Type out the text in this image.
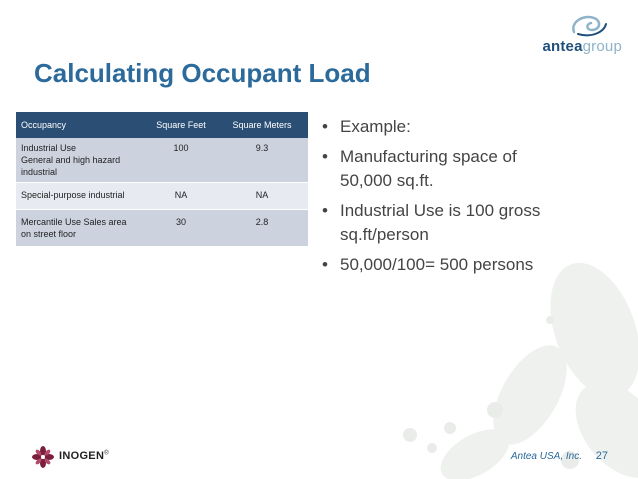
anteagroup
Calculating Occupant Load
Occupancy	Square Feet	Square Meters

Industrial Use
General and high hazard
industrial	100	9.3

Special-purpose industrial	NA	NA

Mercantile Use Sales area
on street floor	30	2.8
• Example:
• Manufacturing space of
50,000 sq.ft.
• Industrial Use is 100 gross
sq.ft/person
• 50,000/100= 500 persons
INOGEN®	Antea USA, Inc. 27
